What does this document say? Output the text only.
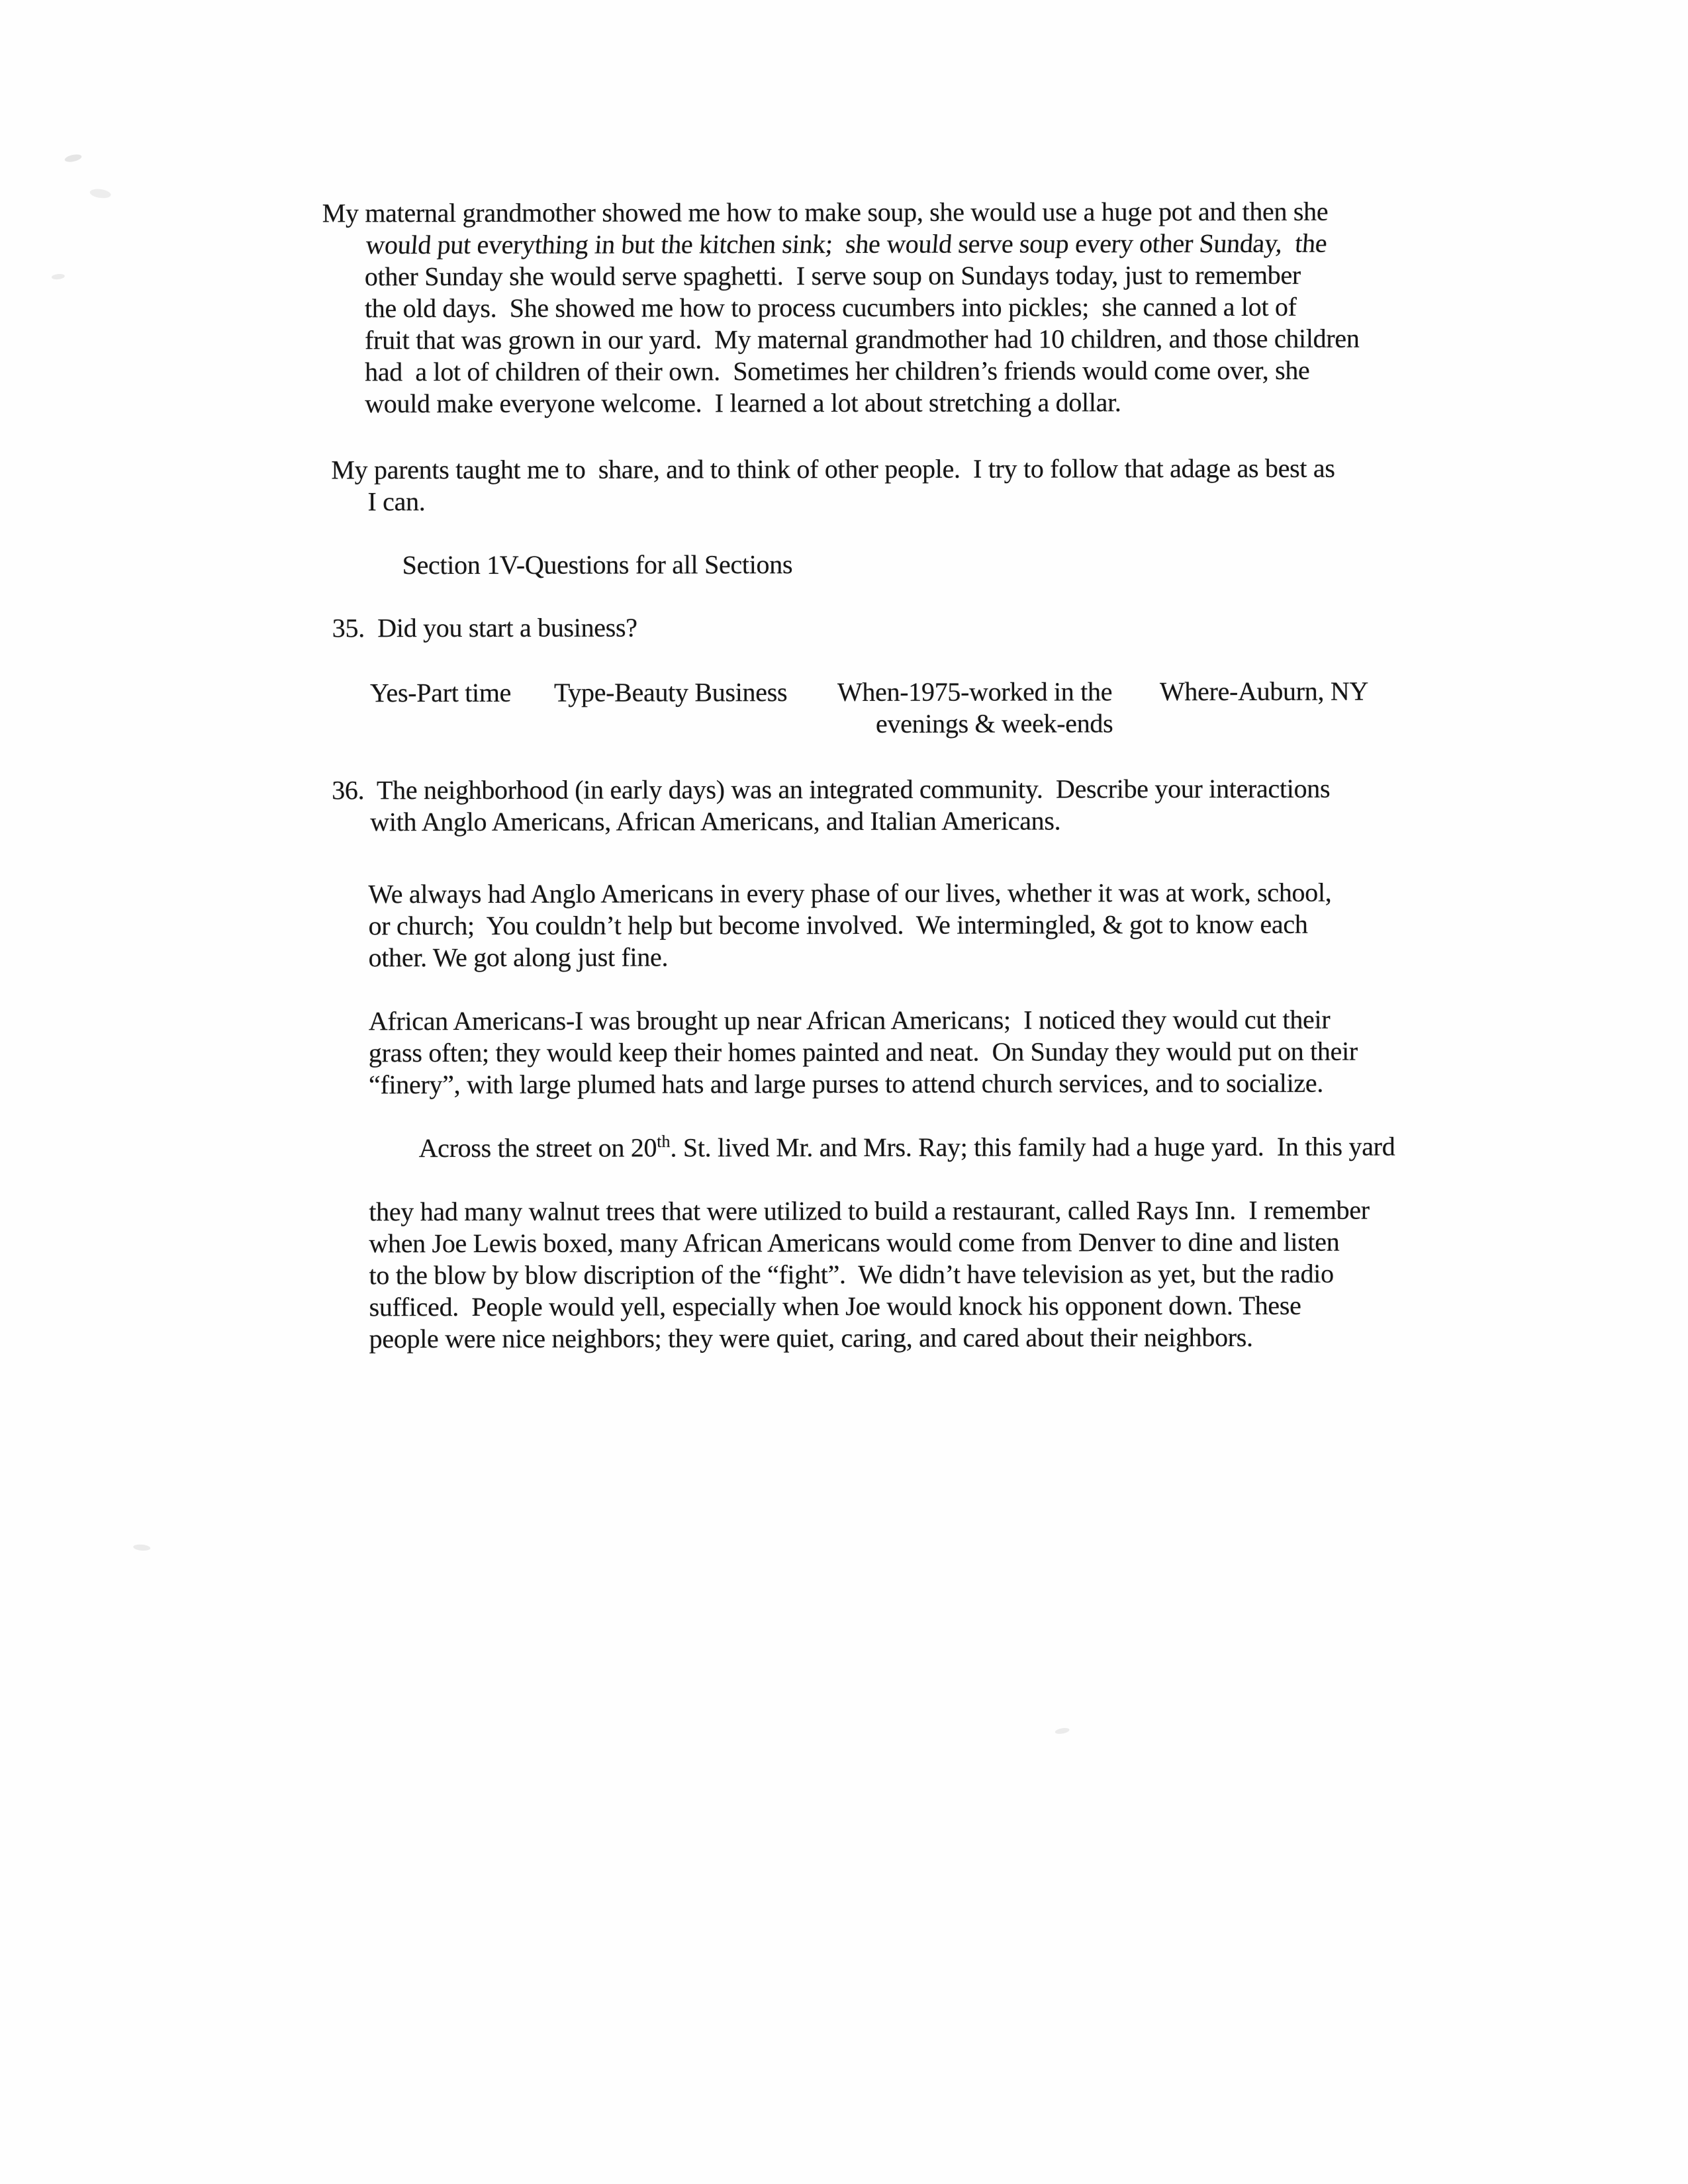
My maternal grandmother showed me how to make soup, she would use a huge pot and then she
would put everything in but the kitchen sink;  she would serve soup every other Sunday,  the
other Sunday she would serve spaghetti.  I serve soup on Sundays today, just to remember
the old days.  She showed me how to process cucumbers into pickles;  she canned a lot of
fruit that was grown in our yard.  My maternal grandmother had 10 children, and those children
had  a lot of children of their own.  Sometimes her children’s friends would come over, she
would make everyone welcome.  I learned a lot about stretching a dollar.
My parents taught me to  share, and to think of other people.  I try to follow that adage as best as
I can.
Section 1V-Questions for all Sections
35.  Did you start a business?
Yes-Part time Type-Beauty Business When-1975-worked in the Where-Auburn, NY
evenings & week-ends
36.  The neighborhood (in early days) was an integrated community.  Describe your interactions
with Anglo Americans, African Americans, and Italian Americans.
We always had Anglo Americans in every phase of our lives, whether it was at work, school,
or church;  You couldn’t help but become involved.  We intermingled, & got to know each
other. We got along just fine.
African Americans-I was brought up near African Americans;  I noticed they would cut their
grass often; they would keep their homes painted and neat.  On Sunday they would put on their
“finery”, with large plumed hats and large purses to attend church services, and to socialize.

Across the street on 20th. St. lived Mr. and Mrs. Ray; this family had a huge yard.  In this yard

they had many walnut trees that were utilized to build a restaurant, called Rays Inn.  I remember
when Joe Lewis boxed, many African Americans would come from Denver to dine and listen
to the blow by blow discription of the “fight”.  We didn’t have television as yet, but the radio
sufficed.  People would yell, especially when Joe would knock his opponent down. These
people were nice neighbors; they were quiet, caring, and cared about their neighbors.
